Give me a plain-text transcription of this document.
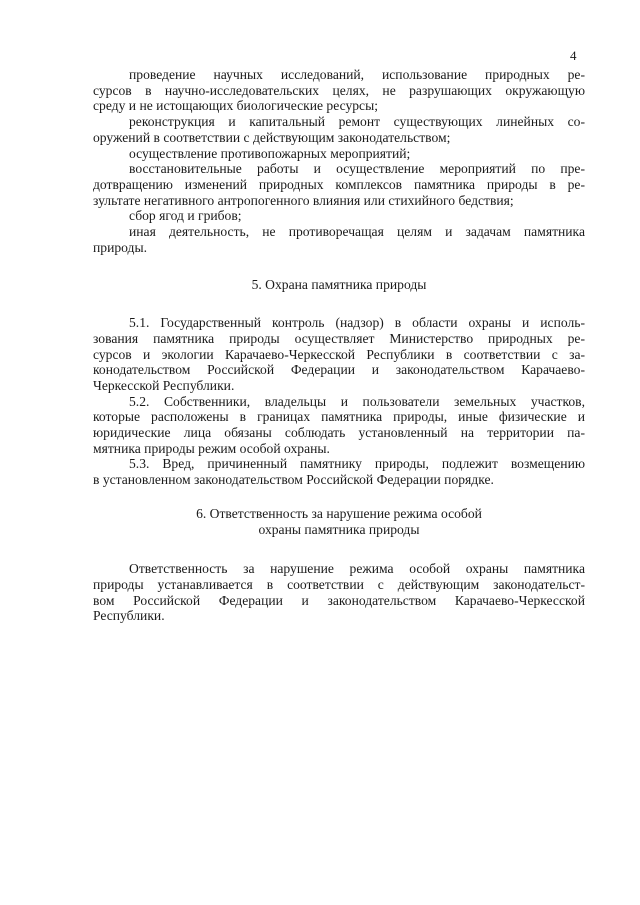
4
проведение научных исследований, использование природных ре-
сурсов в научно-исследовательских целях, не разрушающих окружающую
среду и не истощающих биологические ресурсы;
реконструкция и капитальный ремонт существующих линейных со-
оружений в соответствии с действующим законодательством;
осуществление противопожарных мероприятий;
восстановительные работы и осуществление мероприятий по пре-
дотвращению изменений природных комплексов памятника природы в ре-
зультате негативного антропогенного влияния или стихийного бедствия;
сбор ягод и грибов;
иная деятельность, не противоречащая целям и задачам памятника
природы.
5. Охрана памятника природы
5.1. Государственный контроль (надзор) в области охраны и исполь-
зования памятника природы осуществляет Министерство природных ре-
сурсов и экологии Карачаево-Черкесской Республики в соответствии с за-
конодательством Российской Федерации и законодательством Карачаево-
Черкесской Республики.
5.2. Собственники, владельцы и пользователи земельных участков,
которые расположены в границах памятника природы, иные физические и
юридические лица обязаны соблюдать установленный на территории па-
мятника природы режим особой охраны.
5.3. Вред, причиненный памятнику природы, подлежит возмещению
в установленном законодательством Российской Федерации порядке.
6. Ответственность за нарушение режима особой
охраны памятника природы
Ответственность за нарушение режима особой охраны памятника
природы устанавливается в соответствии с действующим законодательст-
вом Российской Федерации и законодательством Карачаево-Черкесской
Республики.
